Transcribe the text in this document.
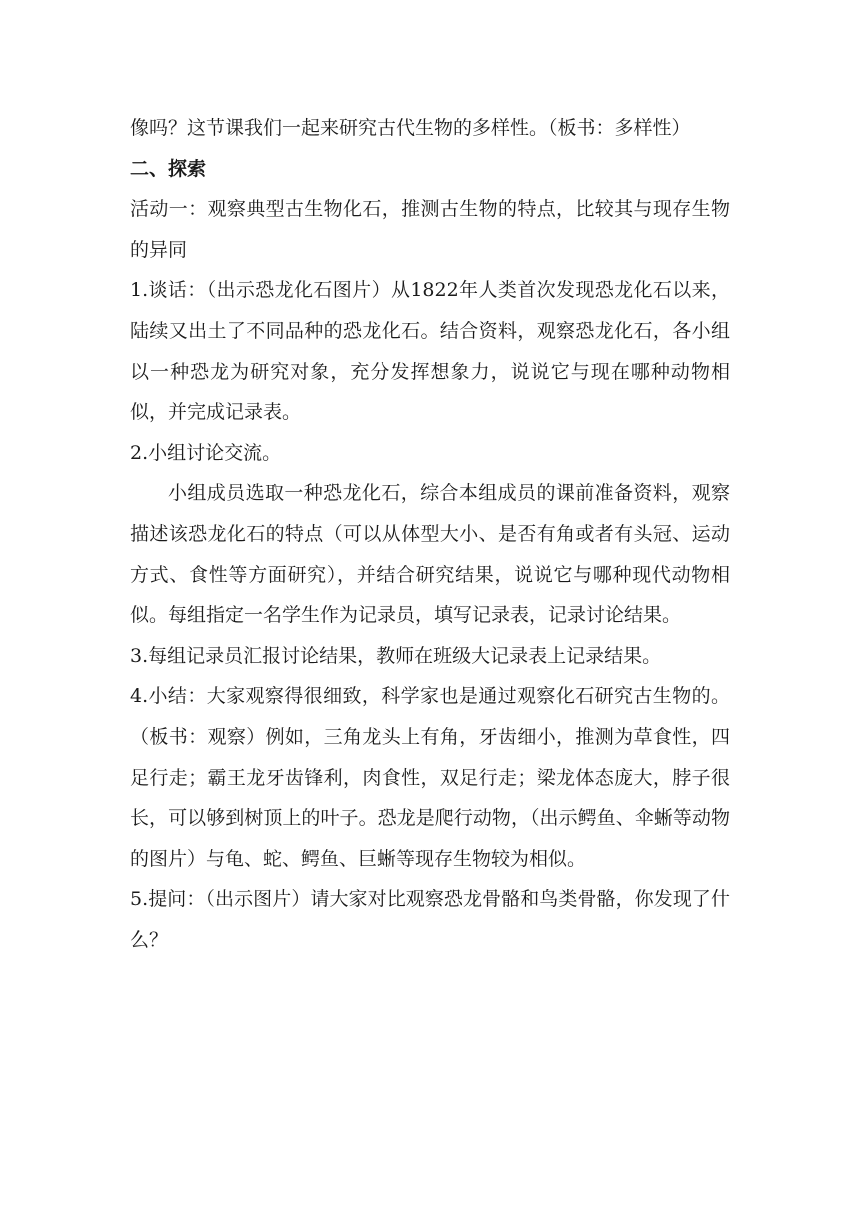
像吗？这节课我们一起来研究古代生物的多样性。（板书：多样性）

二、探索

活动一：观察典型古生物化石，推测古生物的特点，比较其与现存生物的异同

1.谈话：（出示恐龙化石图片）从1822年人类首次发现恐龙化石以来，陆续又出土了不同品种的恐龙化石。结合资料，观察恐龙化石，各小组以一种恐龙为研究对象，充分发挥想象力，说说它与现在哪种动物相似，并完成记录表。

2.小组讨论交流。

小组成员选取一种恐龙化石，综合本组成员的课前准备资料，观察描述该恐龙化石的特点（可以从体型大小、是否有角或者有头冠、运动方式、食性等方面研究），并结合研究结果，说说它与哪种现代动物相似。每组指定一名学生作为记录员，填写记录表，记录讨论结果。

3.每组记录员汇报讨论结果，教师在班级大记录表上记录结果。

4.小结：大家观察得很细致，科学家也是通过观察化石研究古生物的。（板书：观察）例如，三角龙头上有角，牙齿细小，推测为草食性，四足行走；霸王龙牙齿锋利，肉食性，双足行走；梁龙体态庞大，脖子很长，可以够到树顶上的叶子。恐龙是爬行动物，（出示鳄鱼、伞蜥等动物的图片）与龟、蛇、鳄鱼、巨蜥等现存生物较为相似。

5.提问：（出示图片）请大家对比观察恐龙骨骼和鸟类骨骼，你发现了什么？
